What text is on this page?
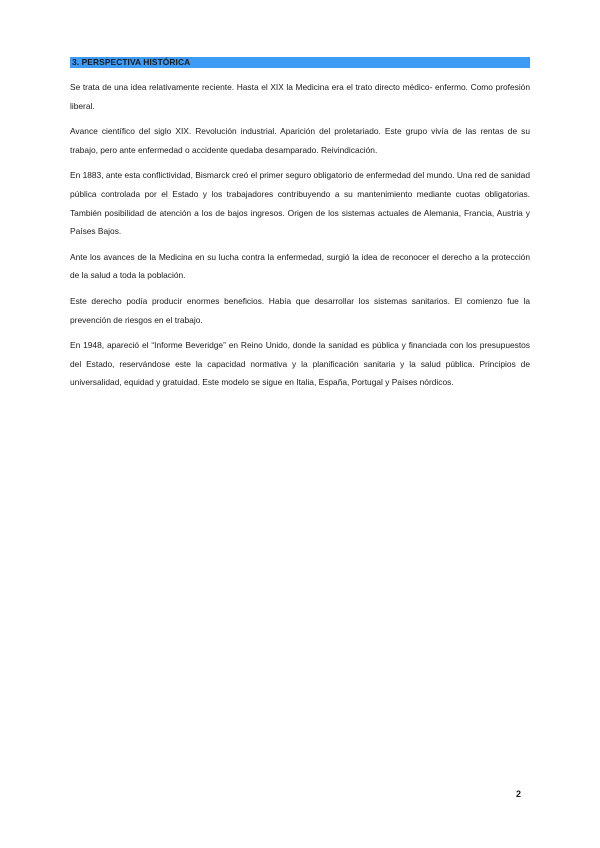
3. PERSPECTIVA HISTÓRICA

Se trata de una idea relativamente reciente. Hasta el XIX la Medicina era el trato directo médico- enfermo. Como profesión liberal.

Avance científico del siglo XIX. Revolución industrial. Aparición del proletariado. Este grupo vivía de las rentas de su trabajo, pero ante enfermedad o accidente quedaba desamparado. Reivindicación.

En 1883, ante esta conflictividad, Bismarck creó el primer seguro obligatorio de enfermedad del mundo. Una red de sanidad pública controlada por el Estado y los trabajadores contribuyendo a su mantenimiento mediante cuotas obligatorias. También posibilidad de atención a los de bajos ingresos. Origen de los sistemas actuales de Alemania, Francia, Austria y Países Bajos.

Ante los avances de la Medicina en su lucha contra la enfermedad, surgió la idea de reconocer el derecho a la protección de la salud a toda la población.

Este derecho podía producir enormes beneficios. Había que desarrollar los sistemas sanitarios. El comienzo fue la prevención de riesgos en el trabajo.

En 1948, apareció el “Informe Beveridge” en Reino Unido, donde la sanidad es pública y financiada con los presupuestos del Estado, reservándose este la capacidad normativa y la planificación sanitaria y la salud pública. Principios de universalidad, equidad y gratuidad. Este modelo se sigue en Italia, España, Portugal y Países nórdicos.

2
